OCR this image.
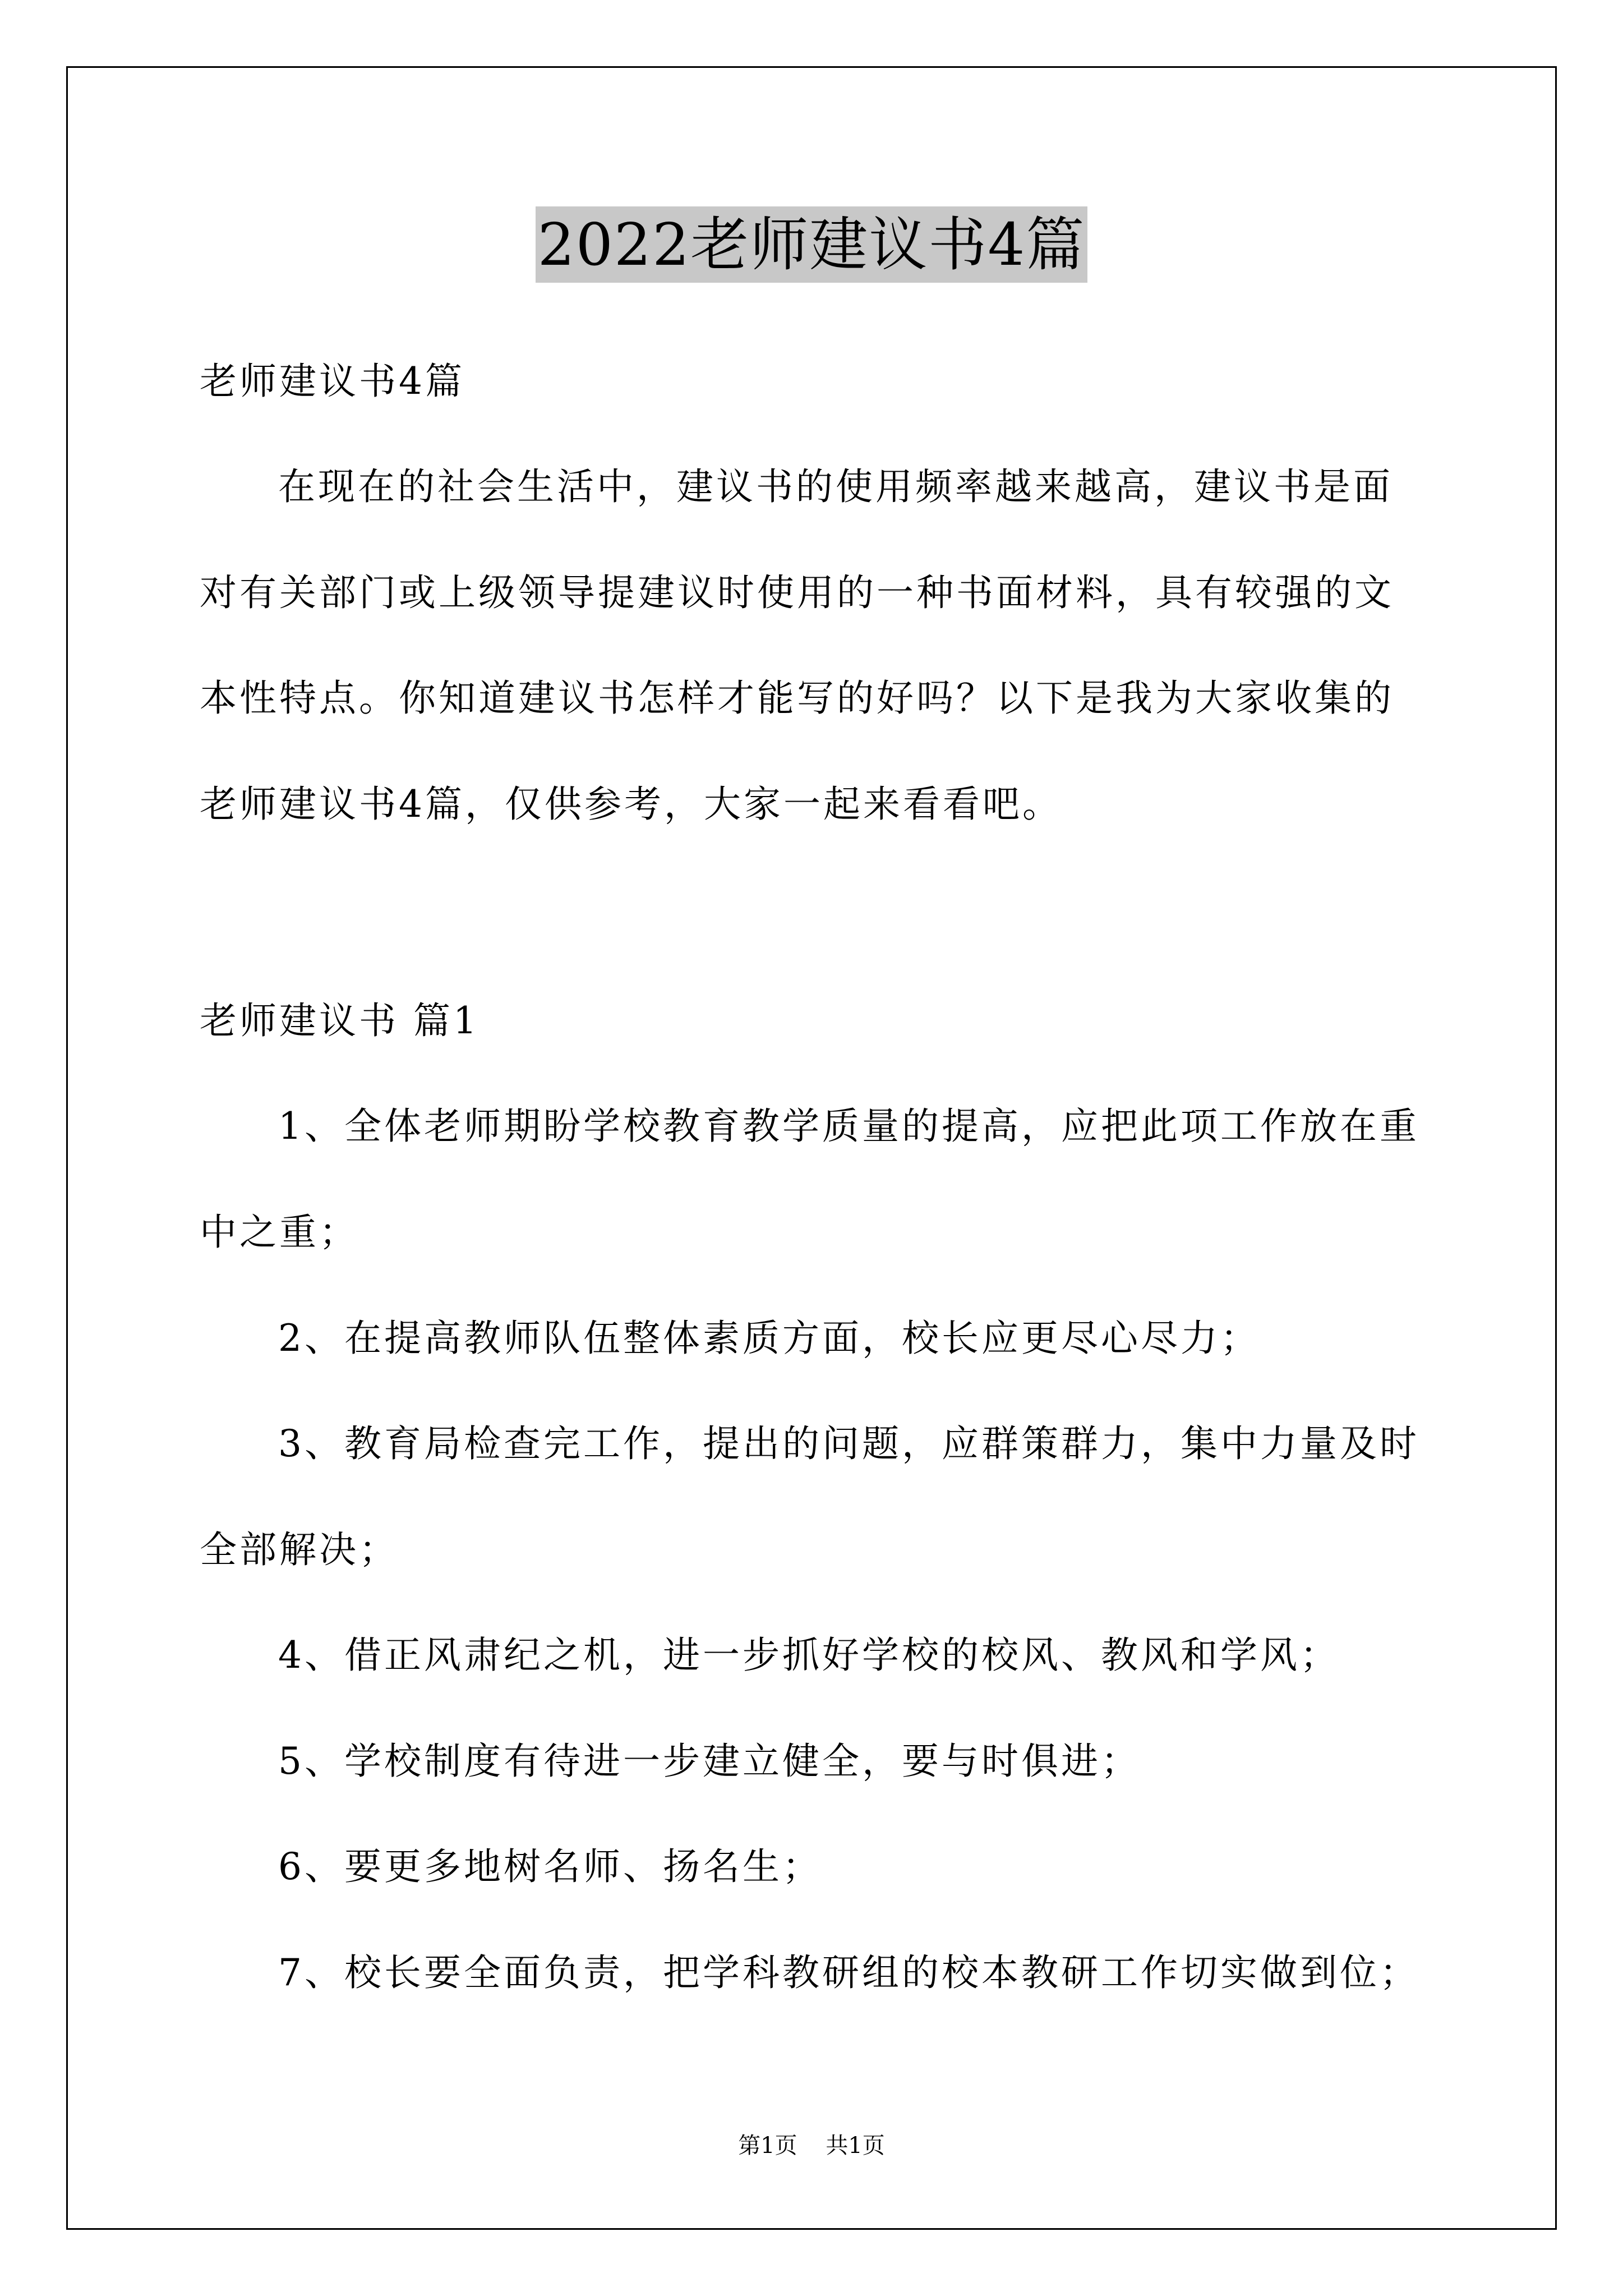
2022老师建议书4篇
老师建议书4篇
在现在的社会生活中，建议书的使用频率越来越高，建议书是面
对有关部门或上级领导提建议时使用的一种书面材料，具有较强的文
本性特点。你知道建议书怎样才能写的好吗？以下是我为大家收集的
老师建议书4篇，仅供参考，大家一起来看看吧。
老师建议书 篇1
1、全体老师期盼学校教育教学质量的提高，应把此项工作放在重
中之重；
2、在提高教师队伍整体素质方面，校长应更尽心尽力；
3、教育局检查完工作，提出的问题，应群策群力，集中力量及时
全部解决；
4、借正风肃纪之机，进一步抓好学校的校风、教风和学风；
5、学校制度有待进一步建立健全，要与时俱进；
6、要更多地树名师、扬名生；
7、校长要全面负责，把学科教研组的校本教研工作切实做到位；
第1页 共1页
